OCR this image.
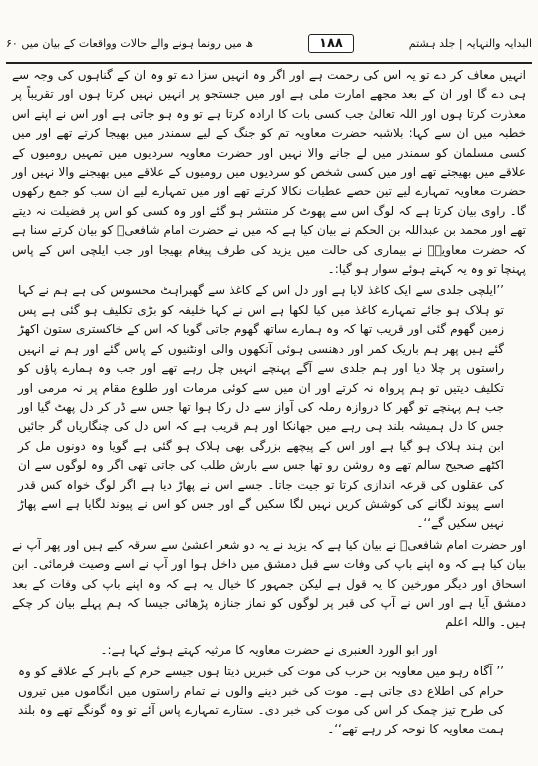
۶۰ ھ میں رونما ہونے والے حالات وواقعات کے بیان میں	۱۸۸	البدایہ والنہایہ | جلد ہشتم

انہیں معاف کر دے تو یہ اس کی رحمت ہے اور اگر وہ انہیں سزا دے تو وہ ان کے گناہوں کی وجہ سے ہی دے گا اور ان کے بعد مجھے امارت ملی ہے اور میں جستجو پر انہیں نہیں کرتا ہوں اور تقریباً پر معذرت کرتا ہوں اور اللہ تعالیٰ جب کسی بات کا ارادہ کرتا ہے تو وہ ہو جاتی ہے اور اس نے اپنے اس خطبہ میں ان سے کہا: بلاشبہ حضرت معاویہ تم کو جنگ کے لیے سمندر میں بھیجا کرتے تھے اور میں کسی مسلمان کو سمندر میں لے جانے والا نہیں اور حضرت معاویہ سردیوں میں تمہیں رومیوں کے علاقے میں بھیجتے تھے اور میں کسی شخص کو سردیوں میں رومیوں کے علاقے میں بھیجنے والا نہیں اور حضرت معاویہ تمہارے لیے تین حصے عطیات نکالا کرتے تھے اور میں تمہارے لیے ان سب کو جمع رکھوں گا۔ راوی بیان کرتا ہے کہ لوگ اس سے پھوٹ کر منتشر ہو گئے اور وہ کسی کو اس پر فضیلت نہ دیتے تھے اور محمد بن عبداللہ بن الحکم نے بیان کیا ہے کہ میں نے حضرت امام شافعیؒ کو بیان کرتے سنا ہے کہ حضرت معاویہؓ نے بیماری کی حالت میں یزید کی طرف پیغام بھیجا اور جب ایلچی اس کے پاس پہنچا تو وہ یہ کہتے ہوئے سوار ہو گیا:۔

’’ایلچی جلدی سے ایک کاغذ لایا ہے اور دل اس کے کاغذ سے گھبراہٹ محسوس کی ہے ہم نے کہا تو ہلاک ہو جائے تمہارے کاغذ میں کیا لکھا ہے اس نے کہا خلیفہ کو بڑی تکلیف ہو گئی ہے پس زمین گھوم گئی اور قریب تھا کہ وہ ہمارے ساتھ گھوم جاتی گویا کہ اس کے خاکستری ستون اکھڑ گئے ہیں پھر ہم باریک کمر اور دھنسی ہوئی آنکھوں والی اونٹنیوں کے پاس گئے اور ہم نے انہیں راستوں پر چلا دیا اور ہم جلدی سے آگے پہنچے انہیں چل رہے تھے اور جب وہ ہمارے پاؤں کو تکلیف دیتیں تو ہم پرواہ نہ کرتے اور ان میں سے کوئی مرمات اور طلوع مقام پر نہ مرمی اور جب ہم پہنچے تو گھر کا دروازہ رملہ کی آواز سے دل رکا ہوا تھا جس سے ڈر کر دل پھٹ گیا اور جس کا دل ہمیشہ بلند ہی رہے میں جھانکا اور ہم قریب ہے کہ اس دل کی چنگاریاں گر جائیں ابن ہند ہلاک ہو گیا ہے اور اس کے پیچھے بزرگی بھی ہلاک ہو گئی ہے گویا وہ دونوں مل کر اکٹھے صحیح سالم تھے وہ روشن رو تھا جس سے بارش طلب کی جاتی تھی اگر وہ لوگوں سے ان کی عقلوں کی قرعہ اندازی کرتا تو جیت جاتا۔ جسے اس نے پھاڑ دیا ہے اگر لوگ خواہ کس قدر اسے پیوند لگانے کی کوشش کریں نہیں لگا سکیں گے اور جس کو اس نے پیوند لگایا ہے اسے پھاڑ نہیں سکیں گے‘‘۔

اور حضرت امام شافعیؒ نے بیان کیا ہے کہ یزید نے یہ دو شعر اعشیٰ سے سرقہ کیے ہیں اور پھر آپ نے بیان کیا ہے کہ وہ اپنے باپ کی وفات سے قبل دمشق میں داخل ہوا اور آپ نے اسے وصیت فرمائی۔ ابن اسحاق اور دیگر مورخین کا یہ قول ہے لیکن جمہور کا خیال یہ ہے کہ وہ اپنے باپ کی وفات کے بعد دمشق آیا ہے اور اس نے آپ کی قبر پر لوگوں کو نماز جنازہ پڑھائی جیسا کہ ہم پہلے بیان کر چکے ہیں۔ واللہ اعلم

اور ابو الورد العنبری نے حضرت معاویہ کا مرثیہ کہتے ہوئے کہا ہے:۔

’’ آگاہ رہو میں معاویہ بن حرب کی موت کی خبریں دیتا ہوں جیسے حرم کے باہر کے علاقے کو وہ حرام کی اطلاع دی جاتی ہے۔ موت کی خبر دینے والوں نے تمام راستوں میں انگاموں میں تیروں کی طرح تیز چمک کر اس کی موت کی خبر دی۔ ستارے تمہارے پاس آئے تو وہ گونگے تھے وہ بلند ہمت معاویہ کا نوحہ کر رہے تھے‘‘۔
